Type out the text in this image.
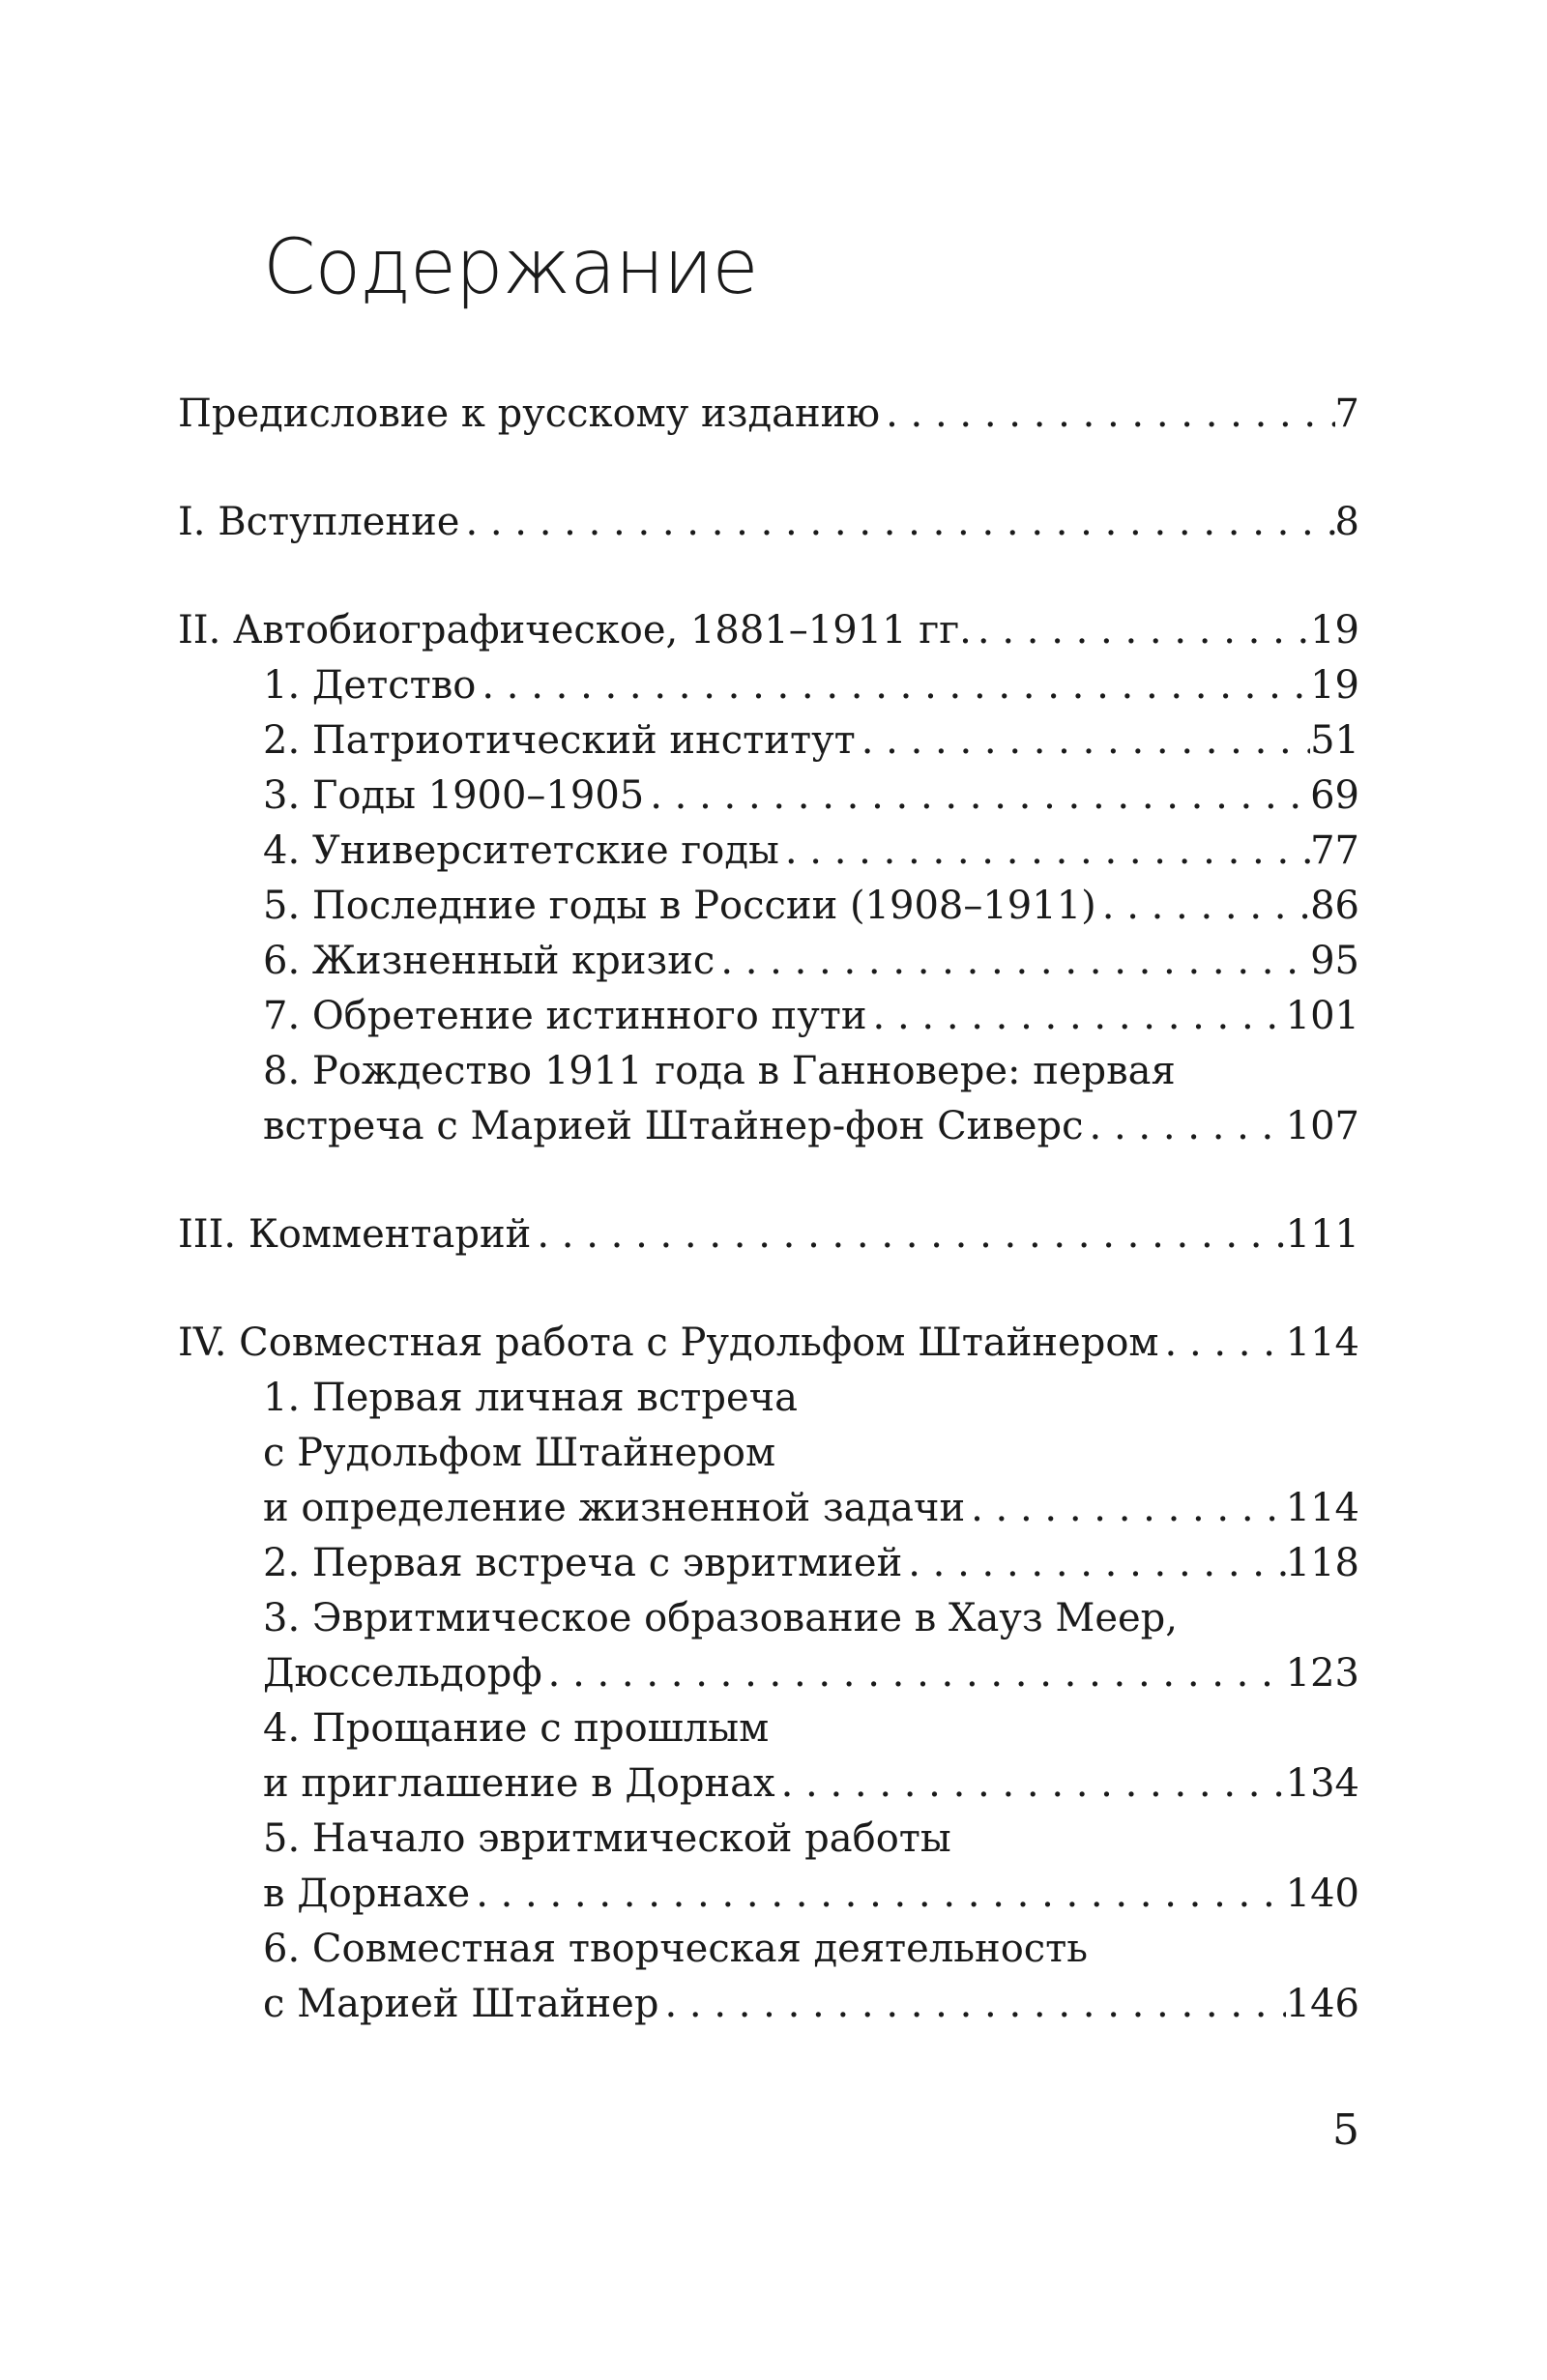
Содержание
Предисловие к русскому изданию . . .	7
I. Вступление . . .	8
II. Автобиографическое, 1881–1911 гг. . . .	19
1. Детство . . .	19
2. Патриотический институт . . .	51
3. Годы 1900–1905 . . .	69
4. Университетские годы . . .	77
5. Последние годы в России (1908–1911) . . .	86
6. Жизненный кризис . . .	95
7. Обретение истинного пути . . .	101
8. Рождество 1911 года в Ганновере: первая
встреча с Марией Штайнер-фон Сиверс . . .	107
III. Комментарий . . .	111
IV. Совместная работа с Рудольфом Штайнером . . .	114
1. Первая личная встреча
с Рудольфом Штайнером
и определение жизненной задачи . . .	114
2. Первая встреча с эвритмией . . .	118
3. Эвритмическое образование в Хауз Меер,
Дюссельдорф . . .	123
4. Прощание с прошлым
и приглашение в Дорнах . . .	134
5. Начало эвритмической работы
в Дорнахе . . .	140
6. Совместная творческая деятельность
с Марией Штайнер . . .	146
5
